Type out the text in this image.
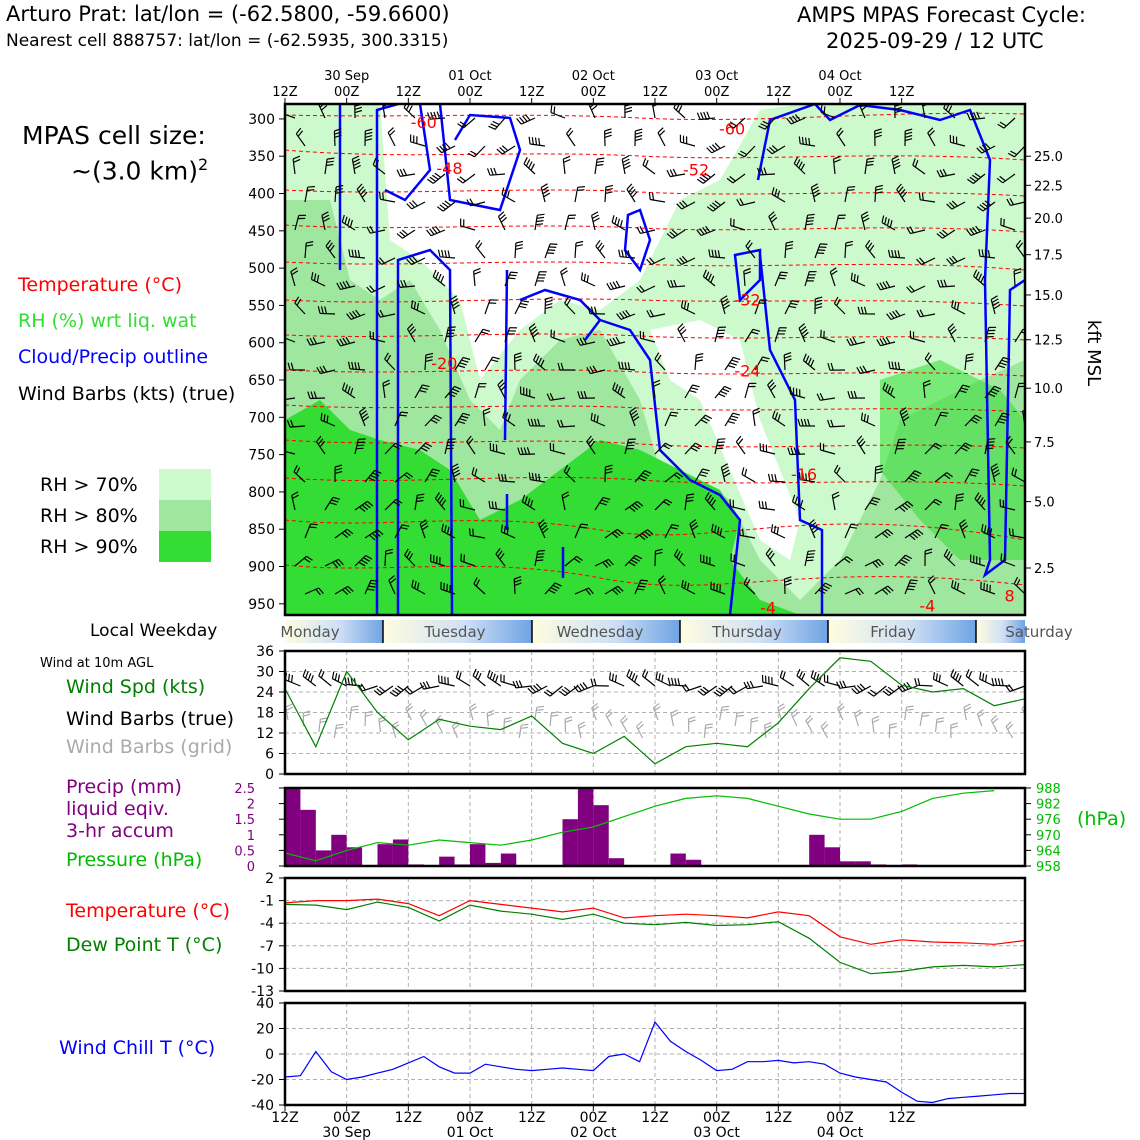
Arturo Prat: lat/lon = (-62.5800, -59.6600)
Nearest cell 888757: lat/lon = (-62.5935, 300.3315)
AMPS MPAS Forecast Cycle:
2025-09-29 / 12 UTC
MPAS cell size:
~(3.0 km)$^2$
Temperature (°C)
RH (%) wrt liq. wat
Cloud/Precip outline
Wind Barbs (kts) (true)
RH > 70%
RH > 80%
RH > 90%
Local Weekday
Wind at 10m AGL
Wind Spd (kts)
Wind Barbs (true)
Wind Barbs (grid)
Precip (mm)
liquid eqiv.
3-hr accum
Pressure (hPa)
(hPa)
Temperature (°C)
Dew Point T (°C)
Wind Chill T (°C)
-60
-48
-20
-60
-52
-32
-24
-16
-4	-4
8
300
350
400
450
500
550
600
650
700
750
800
850
900
950
25.0
22.5
20.0
17.5
15.0
12.5
10.0
7.5
5.0
2.5
kft MSL
12Z	00Z	12Z	00Z	12Z	00Z	12Z	00Z	12Z	00Z	12Z
30 Sep	01 Oct	02 Oct	03 Oct	04 Oct
Monday	Tuesday	Wednesday	Thursday	Friday	Saturday
0
6
12
18
24
30
36
0
0.5
1
1.5
2
2.5
958
964
970
976
982
988
2
-1
-4
-7
-10
-13
40
20
0
-20
-40
12Z 00Z 12Z 00Z 12Z 00Z 12Z 00Z 12Z 00Z 12Z
30 Sep	01 Oct	02 Oct	03 Oct	04 Oct
